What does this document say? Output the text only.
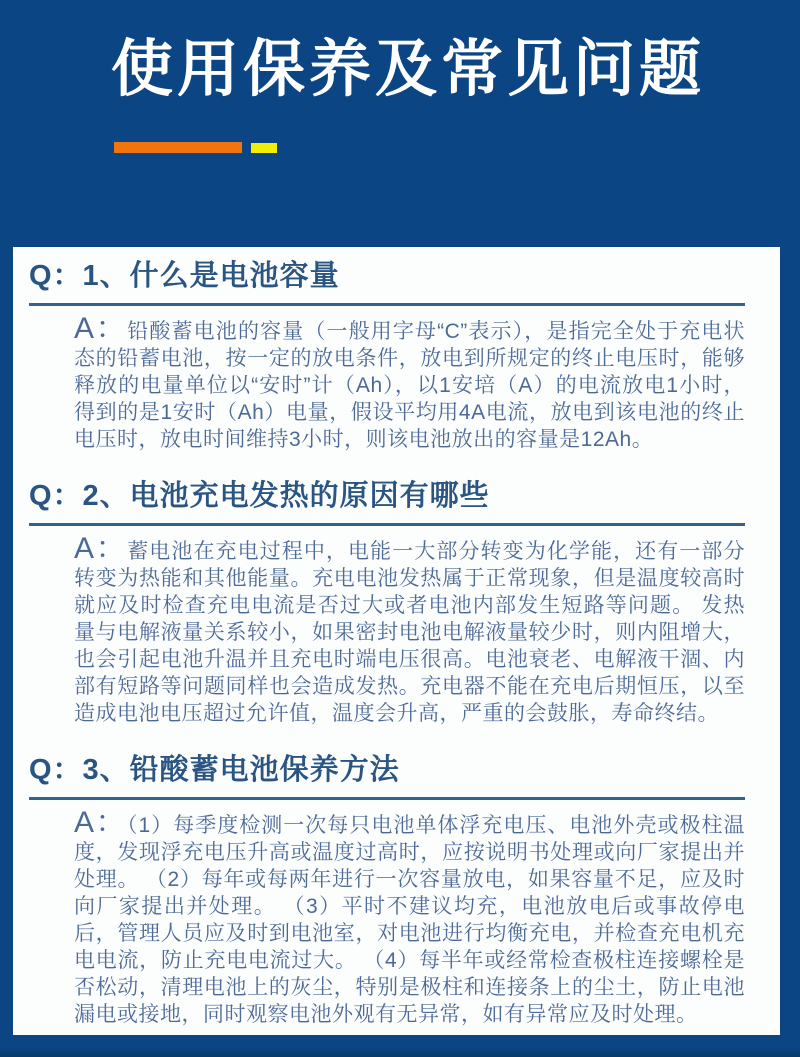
使用保养及常见问题
Q：1、什么是电池容量

A：铅酸蓄电池的容量（一般用字母“C”表示），是指完全处于充电状态的铅蓄电池，按一定的放电条件，放电到所规定的终止电压时，能够释放的电量单位以“安时”计（Ah），以1安培（A）的电流放电1小时，得到的是1安时（Ah）电量，假设平均用4A电流，放电到该电池的终止电压时，放电时间维持3小时，则该电池放出的容量是12Ah。

Q：2、电池充电发热的原因有哪些

A：蓄电池在充电过程中，电能一大部分转变为化学能，还有一部分转变为热能和其他能量。充电电池发热属于正常现象，但是温度较高时就应及时检查充电电流是否过大或者电池内部发生短路等问题。 发热量与电解液量关系较小，如果密封电池电解液量较少时，则内阻增大，也会引起电池升温并且充电时端电压很高。电池衰老、电解液干涸、内部有短路等问题同样也会造成发热。充电器不能在充电后期恒压，以至造成电池电压超过允许值，温度会升高，严重的会鼓胀，寿命终结。

Q：3、铅酸蓄电池保养方法

A：（1）每季度检测一次每只电池单体浮充电压、电池外壳或极柱温度，发现浮充电压升高或温度过高时，应按说明书处理或向厂家提出并处理。 （2）每年或每两年进行一次容量放电，如果容量不足，应及时向厂家提出并处理。 （3）平时不建议均充，电池放电后或事故停电后，管理人员应及时到电池室，对电池进行均衡充电，并检查充电机充电电流，防止充电电流过大。 （4）每半年或经常检查极柱连接螺栓是否松动，清理电池上的灰尘，特别是极柱和连接条上的尘土，防止电池漏电或接地，同时观察电池外观有无异常，如有异常应及时处理。
